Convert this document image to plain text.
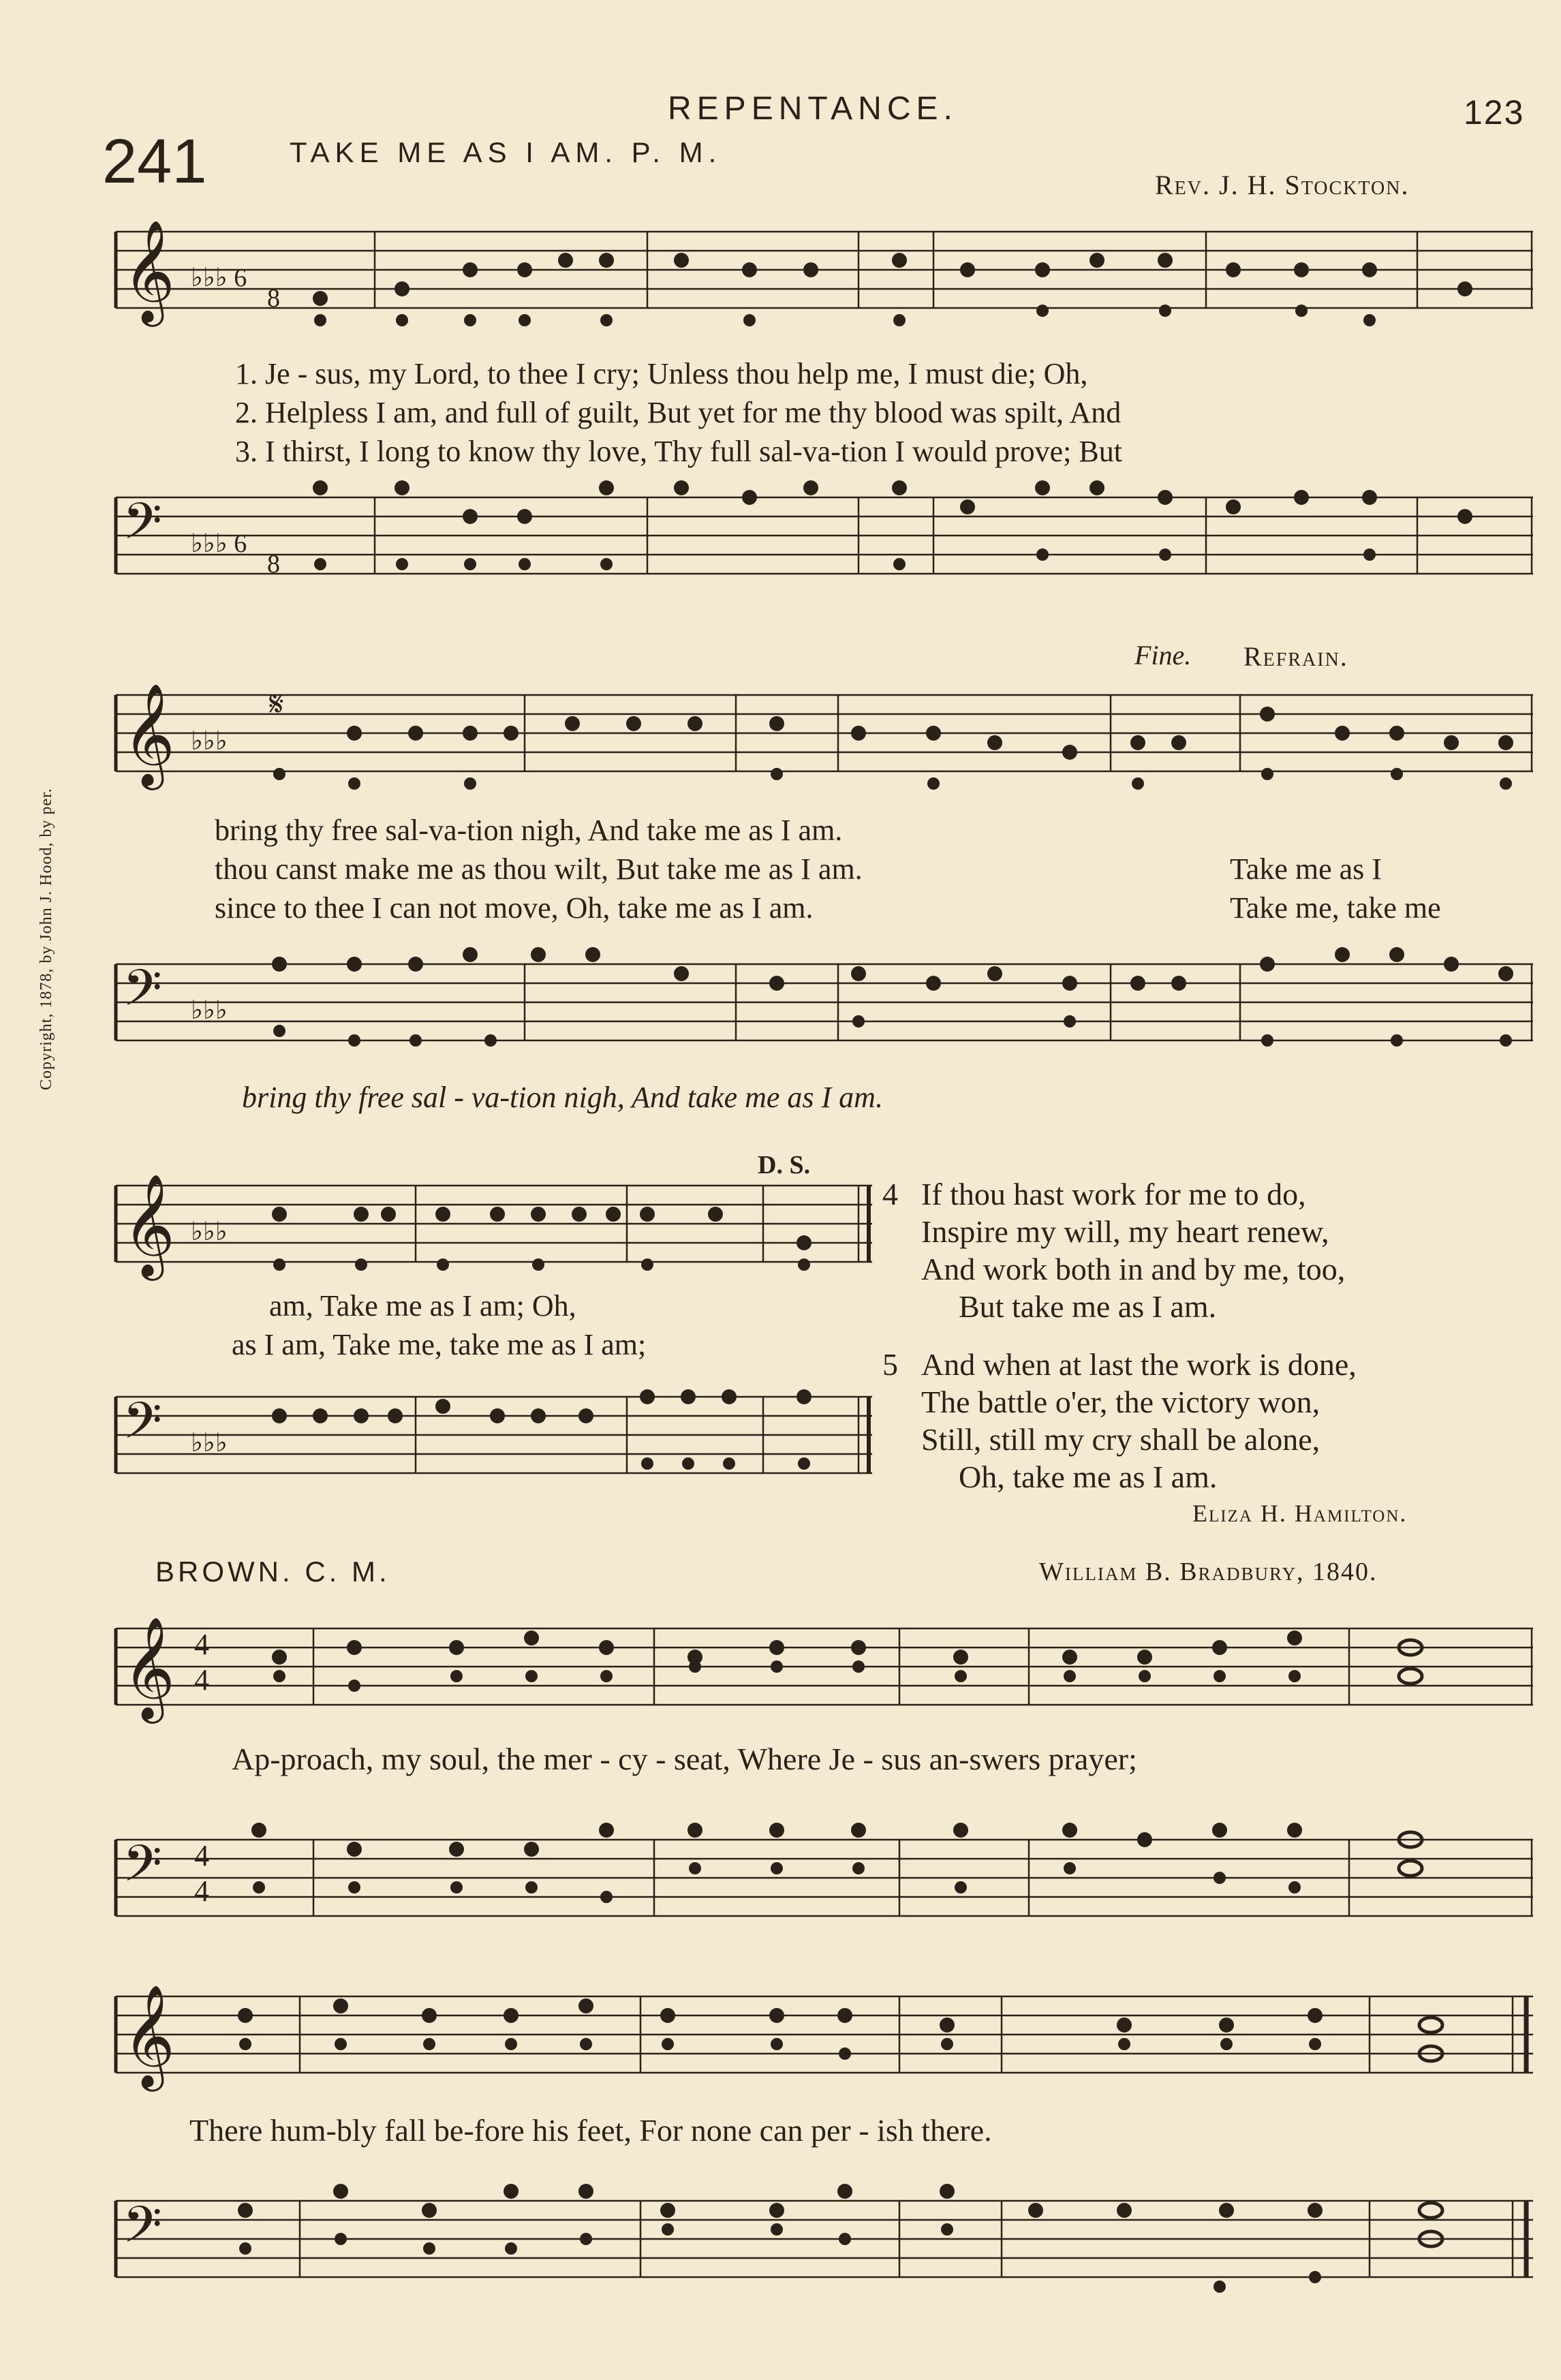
REPENTANCE.	123
241	TAKE ME AS I AM. P. M.
Rev. J. H. Stockton.
Copyright, 1878, by John J. Hood, by per.
𝄞 ♭♭♭ 6
8
1. Je - sus, my Lord, to thee I cry; Unless thou help me, I must die; Oh,
2. Helpless I am, and full of guilt, But yet for me thy blood was spilt, And
3. I thirst, I long to know thy love, Thy full sal-va-tion I would prove; But
𝄢 ♭♭♭ 6
8
Fine. Refrain.
𝄞 ♭♭♭
𝄋
bring thy free sal-va-tion nigh, And take me as I am.
thou canst make me as thou wilt, But take me as I am.
since to thee I can not move, Oh, take me as I am.
Take me as I
Take me, take me
𝄢 ♭♭♭
bring thy free sal - va-tion nigh, And take me as I am.
D. S.
𝄞 ♭♭♭
am, Take me as I am; Oh,
as I am, Take me, take me as I am;
𝄢 ♭♭♭
4 If thou hast work for me to do,
Inspire my will, my heart renew,
And work both in and by me, too,
But take me as I am.
5 And when at last the work is done,
The battle o'er, the victory won,
Still, still my cry shall be alone,
Oh, take me as I am.
Eliza H. Hamilton.
BROWN. C. M.	William B. Bradbury, 1840.
𝄞 4
4
Ap-proach, my soul, the mer - cy - seat, Where Je - sus an-swers prayer;
𝄢 4
4
𝄞
There hum-bly fall be-fore his feet, For none can per - ish there.
𝄢
